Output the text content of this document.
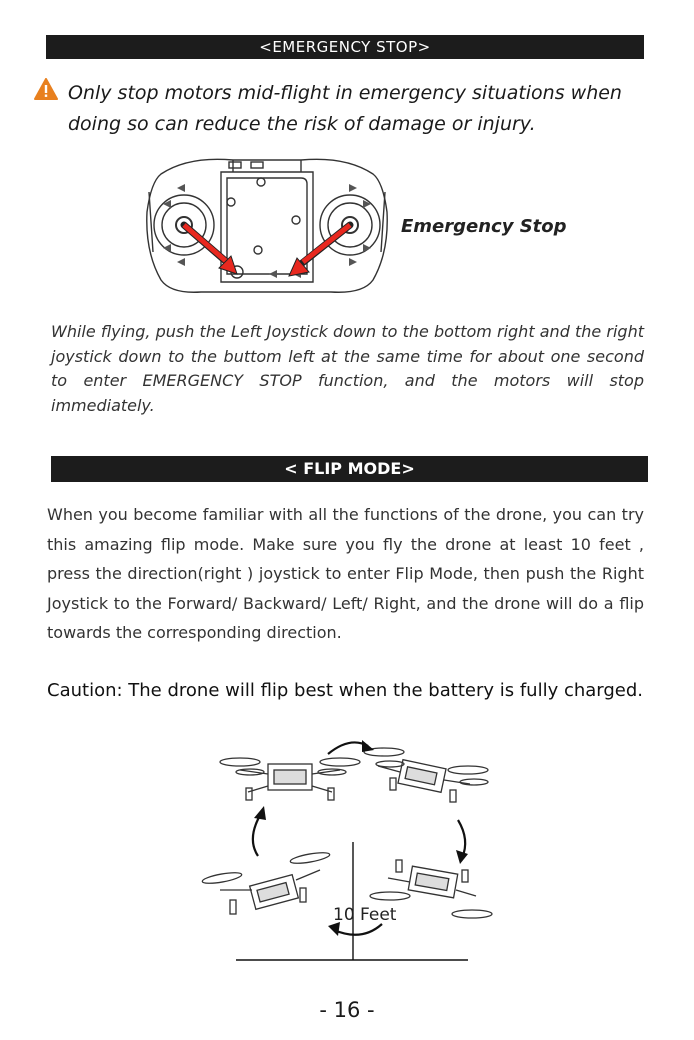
<EMERGENCY STOP>
Only stop motors mid-flight in emergency situations when doing so can reduce the risk of damage or injury.
Emergency Stop
While flying, push the Left Joystick down to the bottom right and the right joystick down to the buttom left at the same time for about one second to enter EMERGENCY STOP function, and the motors will stop immediately.
< FLIP MODE>
When you become familiar with all the functions of the drone, you can try this amazing flip mode. Make sure you fly the drone at least 10 feet , press the direction(right ) joystick to enter Flip Mode, then push the Right Joystick to the Forward/ Backward/ Left/ Right, and the drone will do a flip towards the corresponding direction.
Caution: The drone will flip best when the battery is fully charged.
10 Feet
- 16 -
